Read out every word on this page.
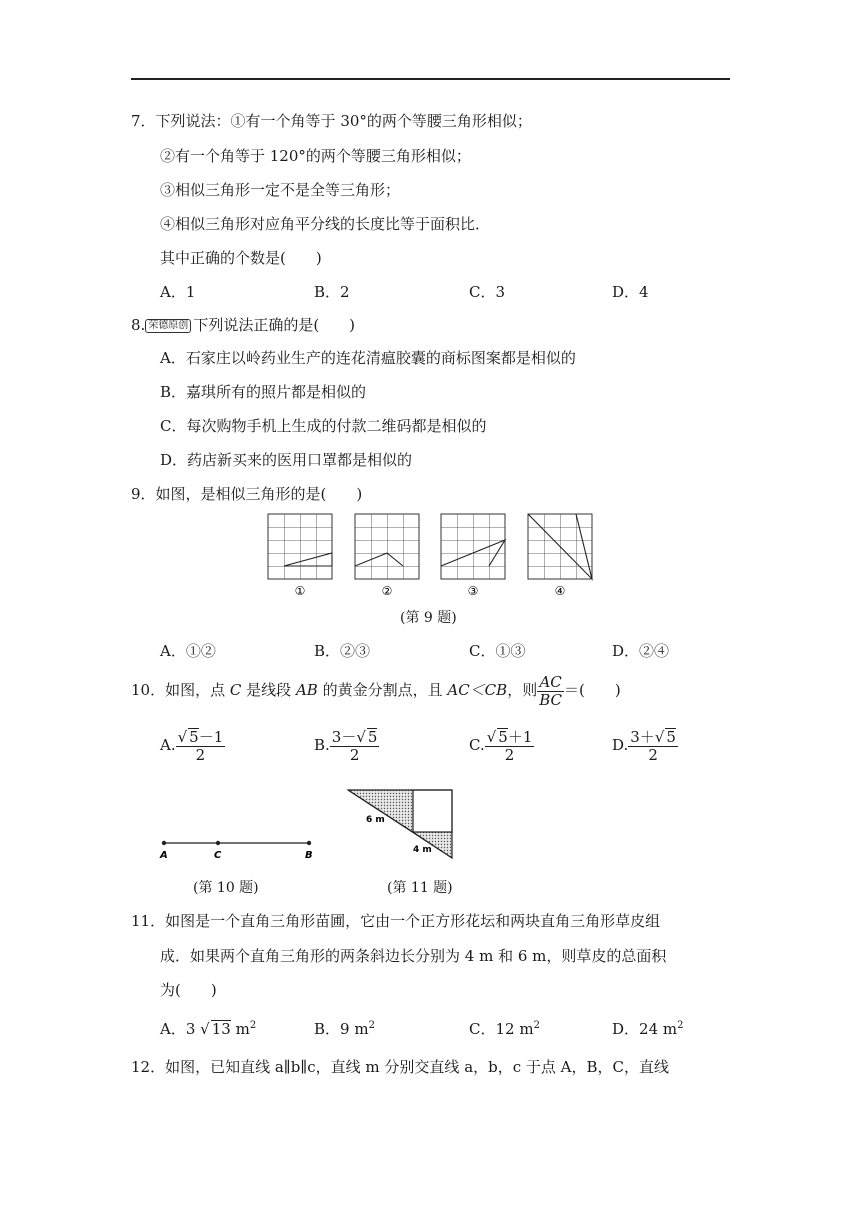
7．下列说法：①有一个角等于 30°的两个等腰三角形相似；
②有一个角等于 120°的两个等腰三角形相似；
③相似三角形一定不是全等三角形；
④相似三角形对应角平分线的长度比等于面积比．
其中正确的个数是(　　)
A．1	B．2	C．3	D．4
8. 荣德原创 下列说法正确的是(　　)
A．石家庄以岭药业生产的连花清瘟胶囊的商标图案都是相似的
B．嘉琪所有的照片都是相似的
C．每次购物手机上生成的付款二维码都是相似的
D．药店新买来的医用口罩都是相似的
9．如图，是相似三角形的是(　　)
①	②	③	④
(第 9 题)
A．①②	B．②③	C．①③	D．②④
10．如图，点 C 是线段 AB 的黄金分割点，且 AC＜CB，则 $\frac{AC}{BC}$ ＝(　　)
A. $\frac{√ 5-1}{2}$	B. $\frac{3-√ 5}{2}$	C. $\frac{√ 5+1}{2}$	D. $\frac{3+√ 5}{2}$
A	C	B
6 m
4 m
(第 10 题)	(第 11 题)
11．如图是一个直角三角形苗圃，它由一个正方形花坛和两块直角三角形草皮组
成．如果两个直角三角形的两条斜边长分别为 4 m 和 6 m，则草皮的总面积
为(　　)
A．3 √ 13 $m^2$	B．9 $m^2$	C．12 $m^2$	D．24 $m^2$
12．如图，已知直线 a∥b∥c，直线 m 分别交直线 a，b，c 于点 A，B，C，直线
